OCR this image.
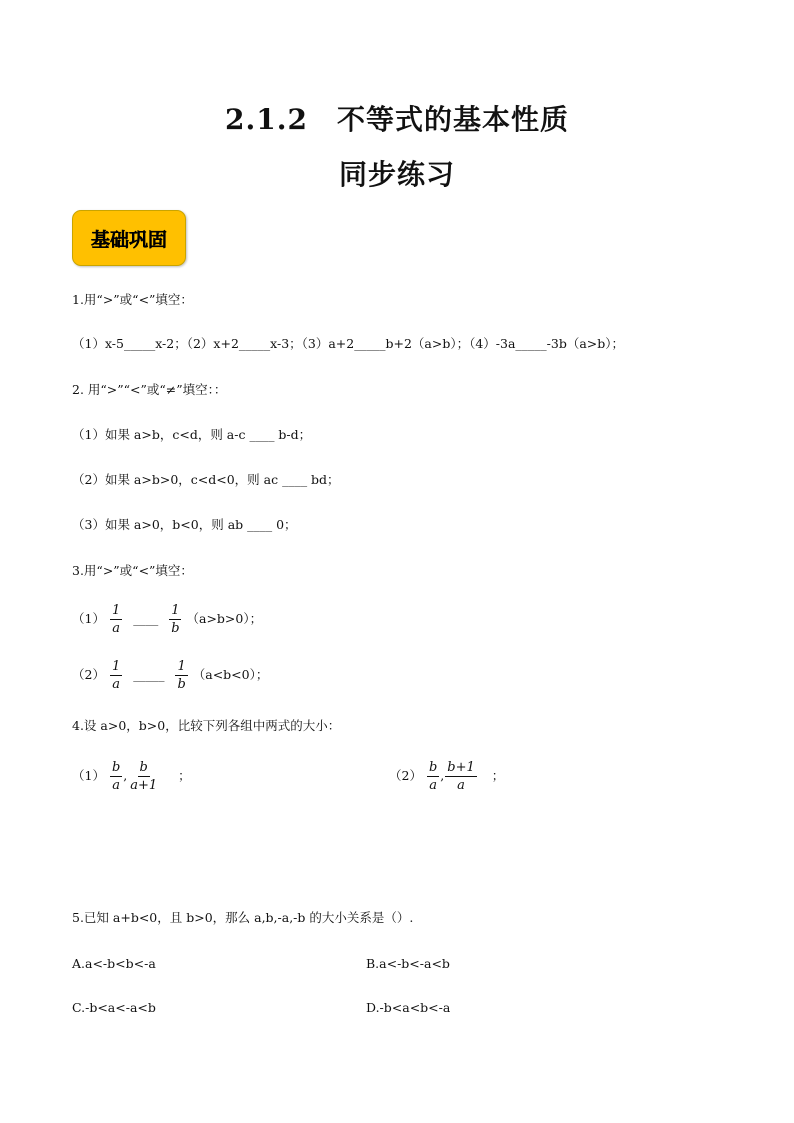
2.1.2　不等式的基本性质
同步练习
基础巩固
1.用“>”或“<”填空：
（1）x-5_____x-2；（2）x+2_____x-3；（3）a+2_____b+2（a>b）；（4）-3a_____-3b（a>b）；
2. 用“>”“<”或“≠”填空：：
（1）如果 a>b，c<d，则 a-c ____ b-d；
（2）如果 a>b>0，c<d<0，则 ac ____ bd；
（3）如果 a>0，b<0，则 ab ____ 0；
3.用“>”或“<”填空：
$(1) \frac{1}{a}$ ____ $\frac{1}{b} (a>b>0)$；
$(2) \frac{1}{a}$ _____ $\frac{1}{b} (a<b<0)$；
4.设 a>0，b>0，比较下列各组中两式的大小：
$(1) \frac{b}{a}$ , $\frac{b}{a+1}$ ；	$(2) \frac{b}{a}$ , $\frac{b+1}{a}$ ；
5.已知 a+b<0，且 b>0，那么 a,b,-a,-b 的大小关系是（）.
A.a<-b<b<-a	B.a<-b<-a<b
C.-b<a<-a<b	D.-b<a<b<-a
